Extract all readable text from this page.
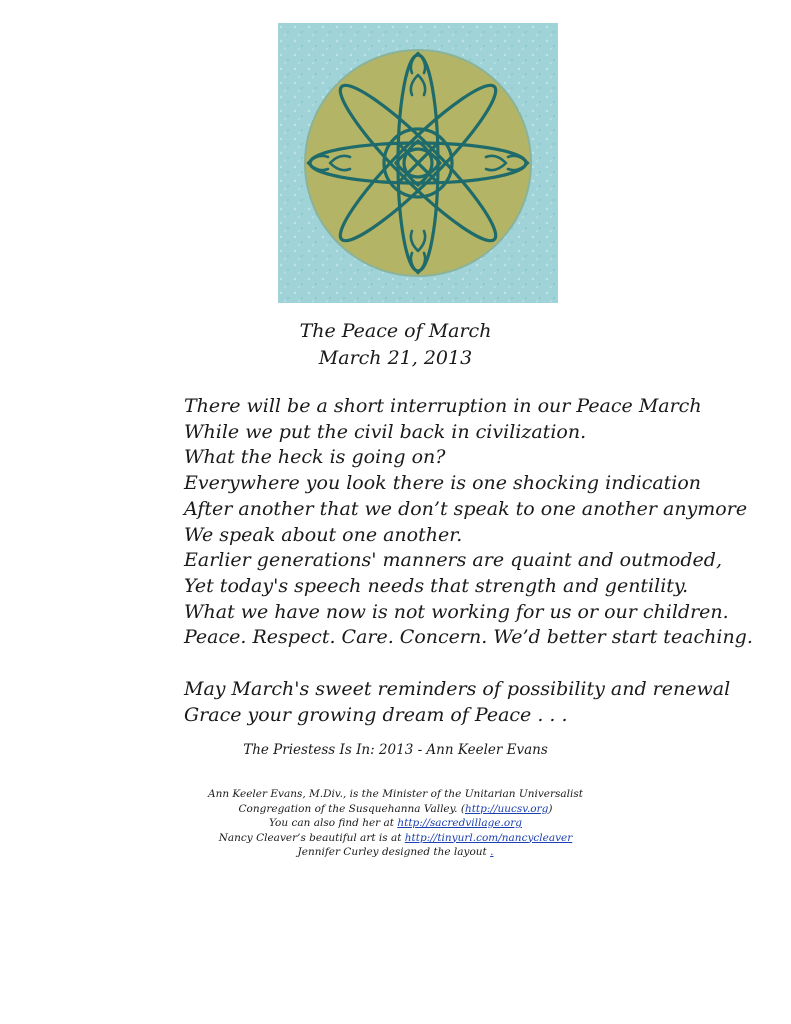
The Peace of March
March 21, 2013
There will be a short interruption in our Peace March
While we put the civil back in civilization.
What the heck is going on?
Everywhere you look there is one shocking indication
After another that we don’t speak to one another anymore
We speak about one another.
Earlier generations' manners are quaint and outmoded,
Yet today's speech needs that strength and gentility.
What we have now is not working for us or our children.
Peace. Respect. Care. Concern. We’d better start teaching.
May March's sweet reminders of possibility and renewal
Grace your growing dream of Peace . . .
The Priestess Is In: 2013 - Ann Keeler Evans
Ann Keeler Evans, M.Div., is the Minister of the Unitarian Universalist
Congregation of the Susquehanna Valley. (http://uucsv.org)
You can also find her at http://sacredvillage.org
Nancy Cleaver’s beautiful art is at http://tinyurl.com/nancycleaver
Jennifer Curley designed the layout .
